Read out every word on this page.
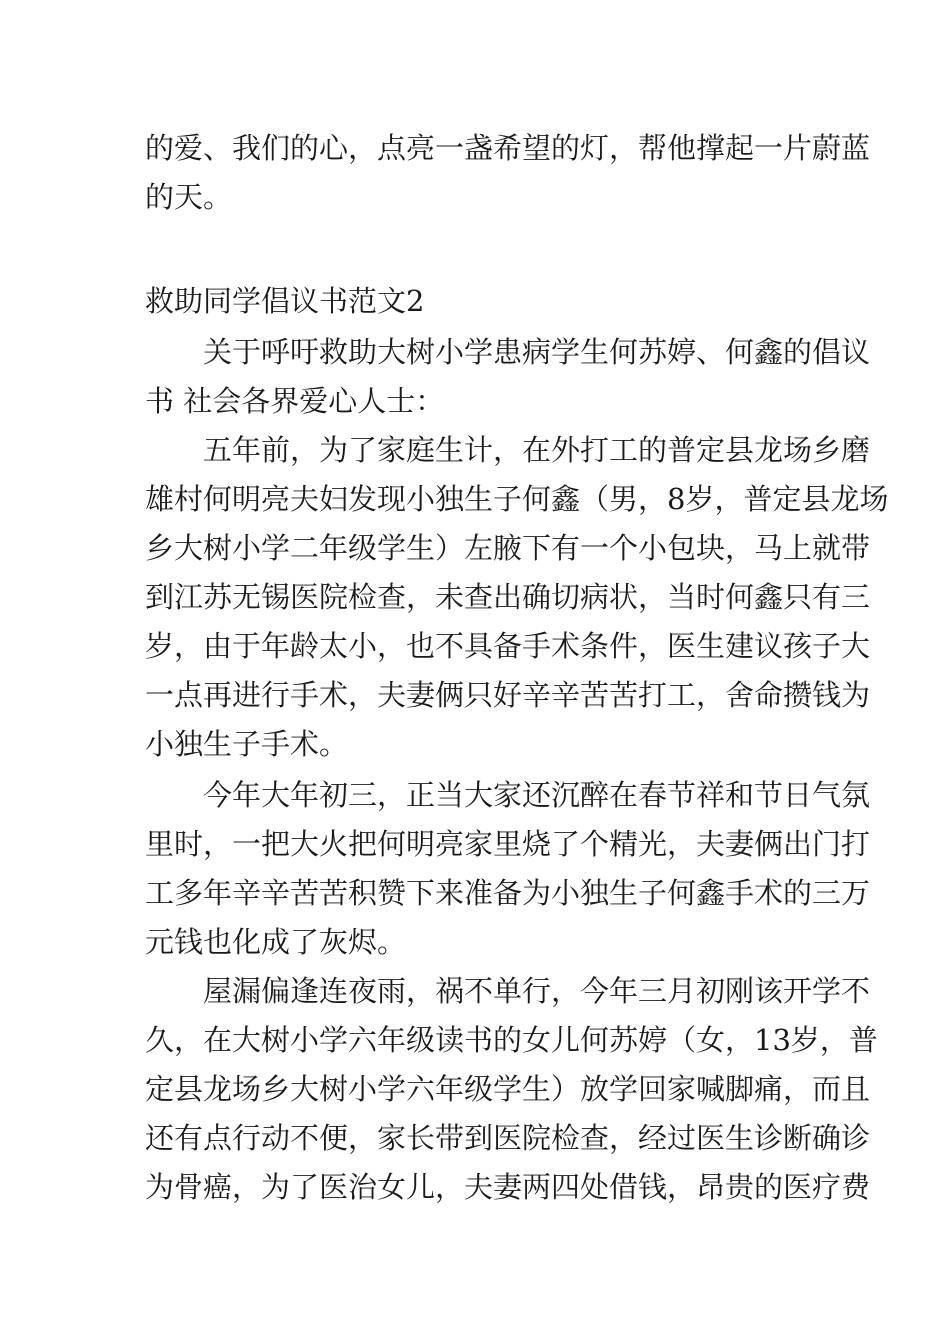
的爱、我们的心，点亮一盏希望的灯，帮他撑起一片蔚蓝
的天。
救助同学倡议书范文2
关于呼吁救助大树小学患病学生何苏婷、何鑫的倡议
书 社会各界爱心人士：
五年前，为了家庭生计，在外打工的普定县龙场乡磨
雄村何明亮夫妇发现小独生子何鑫（男，8岁，普定县龙场
乡大树小学二年级学生）左腋下有一个小包块，马上就带
到江苏无锡医院检查，未查出确切病状，当时何鑫只有三
岁，由于年龄太小，也不具备手术条件，医生建议孩子大
一点再进行手术，夫妻俩只好辛辛苦苦打工，舍命攒钱为
小独生子手术。
今年大年初三，正当大家还沉醉在春节祥和节日气氛
里时，一把大火把何明亮家里烧了个精光，夫妻俩出门打
工多年辛辛苦苦积赞下来准备为小独生子何鑫手术的三万
元钱也化成了灰烬。
屋漏偏逢连夜雨，祸不单行，今年三月初刚该开学不
久，在大树小学六年级读书的女儿何苏婷（女，13岁，普
定县龙场乡大树小学六年级学生）放学回家喊脚痛，而且
还有点行动不便，家长带到医院检查，经过医生诊断确诊
为骨癌，为了医治女儿，夫妻两四处借钱，昂贵的医疗费
